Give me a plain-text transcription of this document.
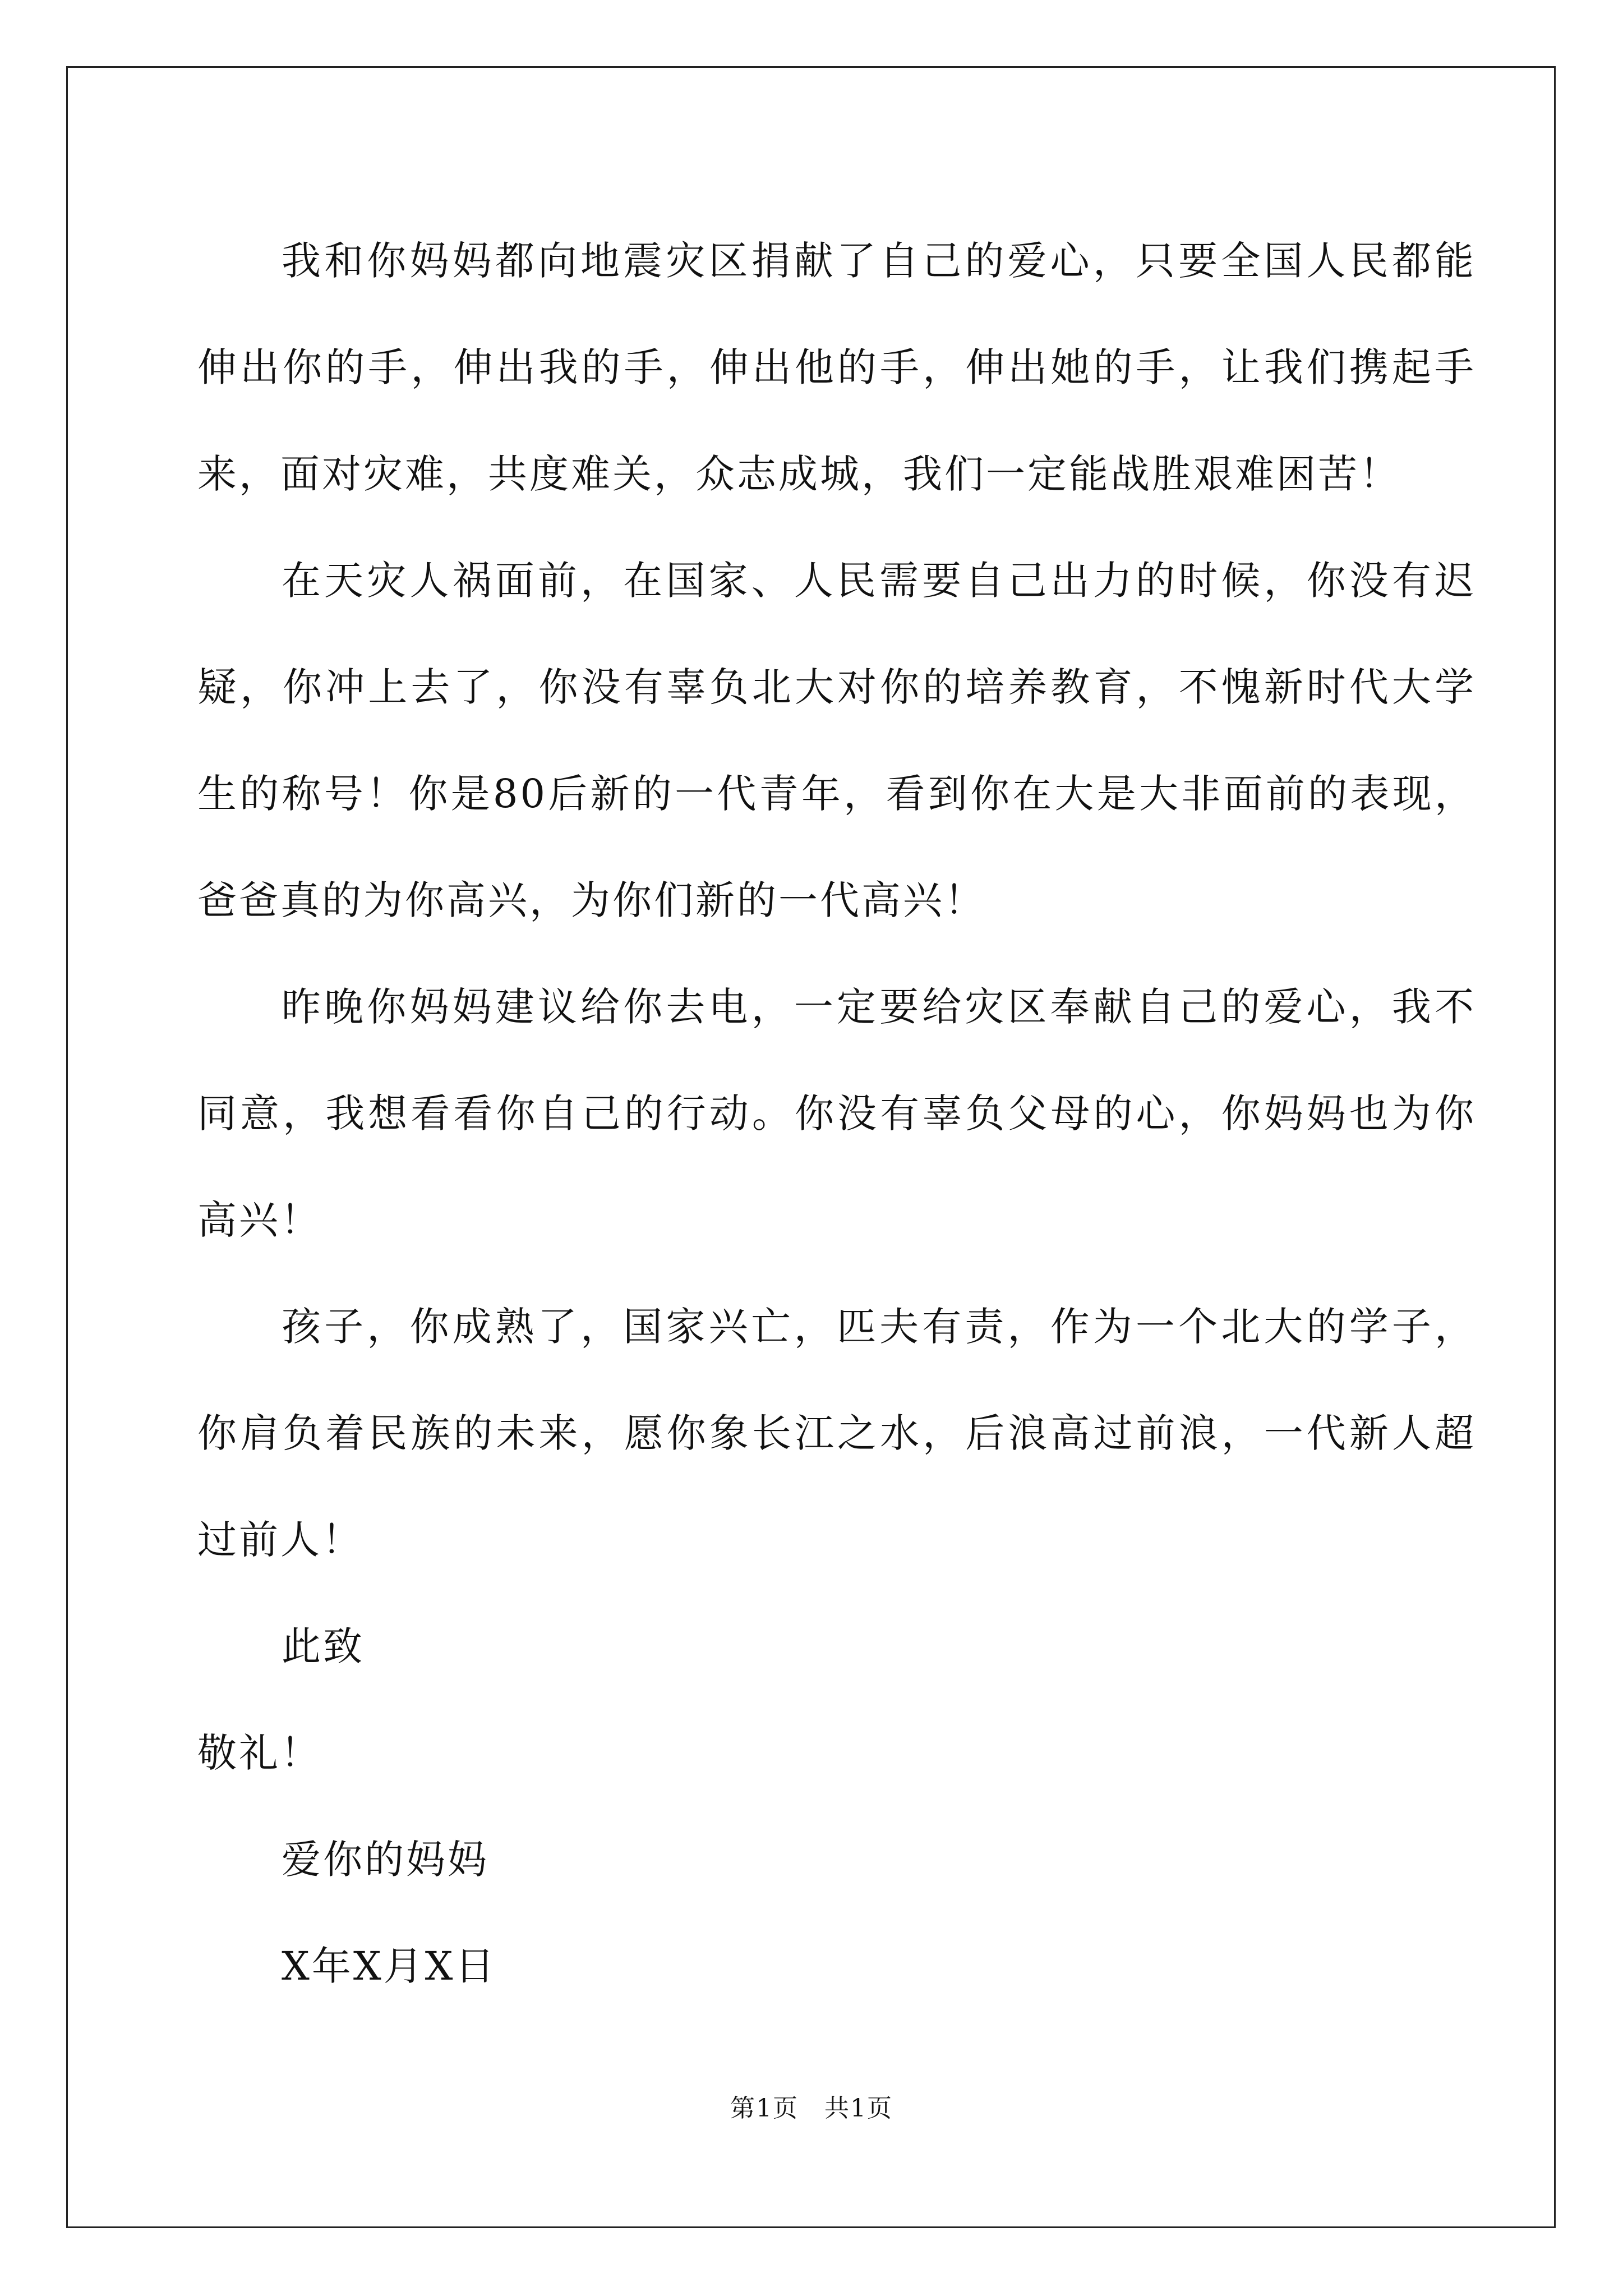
我和你妈妈都向地震灾区捐献了自己的爱心，只要全国人民都能伸出你的手，伸出我的手，伸出他的手，伸出她的手，让我们携起手来，面对灾难，共度难关，众志成城，我们一定能战胜艰难困苦！

在天灾人祸面前，在国家、人民需要自己出力的时候，你没有迟疑，你冲上去了，你没有辜负北大对你的培养教育，不愧新时代大学生的称号！你是80后新的一代青年，看到你在大是大非面前的表现，爸爸真的为你高兴，为你们新的一代高兴！

昨晚你妈妈建议给你去电，一定要给灾区奉献自己的爱心，我不同意，我想看看你自己的行动。你没有辜负父母的心，你妈妈也为你高兴！

孩子，你成熟了，国家兴亡，匹夫有责，作为一个北大的学子，你肩负着民族的未来，愿你象长江之水，后浪高过前浪，一代新人超过前人！

此致

敬礼！

爱你的妈妈

X年X月X日

第1页　共1页
